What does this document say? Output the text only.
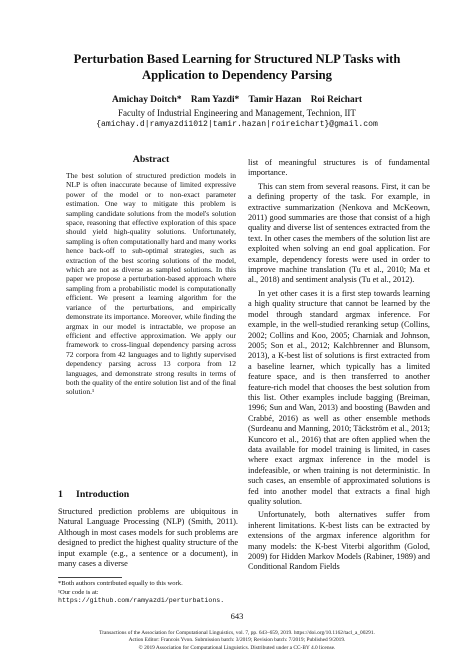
Perturbation Based Learning for Structured NLP Tasks with
Application to Dependency Parsing
Amichay Doitch*    Ram Yazdi*    Tamir Hazan    Roi Reichart
Faculty of Industrial Engineering and Management, Technion, IIT
{amichay.d|ramyazdi1012|tamir.hazan|roireichart}@gmail.com
Abstract

The best solution of structured prediction models in NLP is often inaccurate because of limited expressive power of the model or to non-exact parameter estimation. One way to mitigate this problem is sampling candidate solutions from the model's solution space, reasoning that effective exploration of this space should yield high-quality solutions. Unfortunately, sampling is often computationally hard and many works hence back-off to sub-optimal strategies, such as extraction of the best scoring solutions of the model, which are not as diverse as sampled solutions. In this paper we propose a perturbation-based approach where sampling from a probabilistic model is computationally efficient. We present a learning algorithm for the variance of the perturbations, and empirically demonstrate its importance. Moreover, while finding the argmax in our model is intractable, we propose an efficient and effective approximation. We apply our framework to cross-lingual dependency parsing across 72 corpora from 42 languages and to lightly supervised dependency parsing across 13 corpora from 12 languages, and demonstrate strong results in terms of both the quality of the entire solution list and of the final solution.¹

1 Introduction

Structured prediction problems are ubiquitous in Natural Language Processing (NLP) (Smith, 2011). Although in most cases models for such problems are designed to predict the highest quality structure of the input example (e.g., a sentence or a document), in many cases a diverse

*Both authors contributed equally to this work.

¹Our code is at: https://github.com/ramyazdi/perturbations.

list of meaningful structures is of fundamental importance.

This can stem from several reasons. First, it can be a defining property of the task. For example, in extractive summarization (Nenkova and McKeown, 2011) good summaries are those that consist of a high quality and diverse list of sentences extracted from the text. In other cases the members of the solution list are exploited when solving an end goal application. For example, dependency forests were used in order to improve machine translation (Tu et al., 2010; Ma et al., 2018) and sentiment analysis (Tu et al., 2012).

In yet other cases it is a first step towards learning a high quality structure that cannot be learned by the model through standard argmax inference. For example, in the well-studied reranking setup (Collins, 2002; Collins and Koo, 2005; Charniak and Johnson, 2005; Son et al., 2012; Kalchbrenner and Blunsom, 2013), a K-best list of solutions is first extracted from a baseline learner, which typically has a limited feature space, and is then transferred to another feature-rich model that chooses the best solution from this list. Other examples include bagging (Breiman, 1996; Sun and Wan, 2013) and boosting (Bawden and Crabbé, 2016) as well as other ensemble methods (Surdeanu and Manning, 2010; Täckström et al., 2013; Kuncoro et al., 2016) that are often applied when the data available for model training is limited, in cases where exact argmax inference in the model is indefeasible, or when training is not deterministic. In such cases, an ensemble of approximated solutions is fed into another model that extracts a final high quality solution.

Unfortunately, both alternatives suffer from inherent limitations. K-best lists can be extracted by extensions of the argmax inference algorithm for many models: the K-best Viterbi algorithm (Golod, 2009) for Hidden Markov Models (Rabiner, 1989) and Conditional Random Fields

643
Transactions of the Association for Computational Linguistics, vol. 7, pp. 643–659, 2019. https://doi.org/10.1162/tacl_a_00291.
Action Editor: Francois Yvon. Submission batch: 3/2019; Revision batch: 7/2019; Published 9/2019.
© 2019 Association for Computational Linguistics. Distributed under a CC-BY 4.0 license.
